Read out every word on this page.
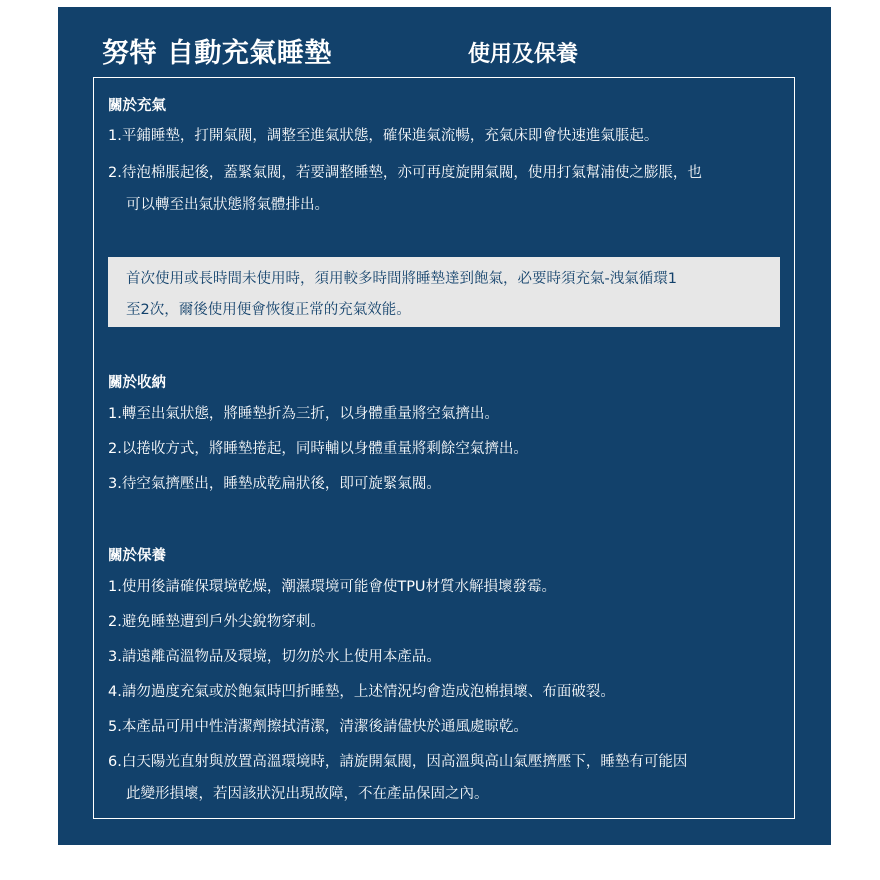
努特 自動充氣睡墊	使用及保養
關於充氣
1.平鋪睡墊，打開氣閥，調整至進氣狀態，確保進氣流暢，充氣床即會快速進氣脹起。
2.待泡棉脹起後，蓋緊氣閥，若要調整睡墊，亦可再度旋開氣閥，使用打氣幫浦使之膨脹，也
可以轉至出氣狀態將氣體排出。
首次使用或長時間未使用時，須用較多時間將睡墊達到飽氣，必要時須充氣-洩氣循環1
至2次，爾後使用便會恢復正常的充氣效能。
關於收納
1.轉至出氣狀態，將睡墊折為三折，以身體重量將空氣擠出。
2.以捲收方式，將睡墊捲起，同時輔以身體重量將剩餘空氣擠出。
3.待空氣擠壓出，睡墊成乾扁狀後，即可旋緊氣閥。
關於保養
1.使用後請確保環境乾燥，潮濕環境可能會使TPU材質水解損壞發霉。
2.避免睡墊遭到戶外尖銳物穿刺。
3.請遠離高溫物品及環境，切勿於水上使用本產品。
4.請勿過度充氣或於飽氣時凹折睡墊，上述情況均會造成泡棉損壞、布面破裂。
5.本產品可用中性清潔劑擦拭清潔，清潔後請儘快於通風處晾乾。
6.白天陽光直射與放置高溫環境時，請旋開氣閥，因高溫與高山氣壓擠壓下，睡墊有可能因
此變形損壞，若因該狀況出現故障，不在產品保固之內。
